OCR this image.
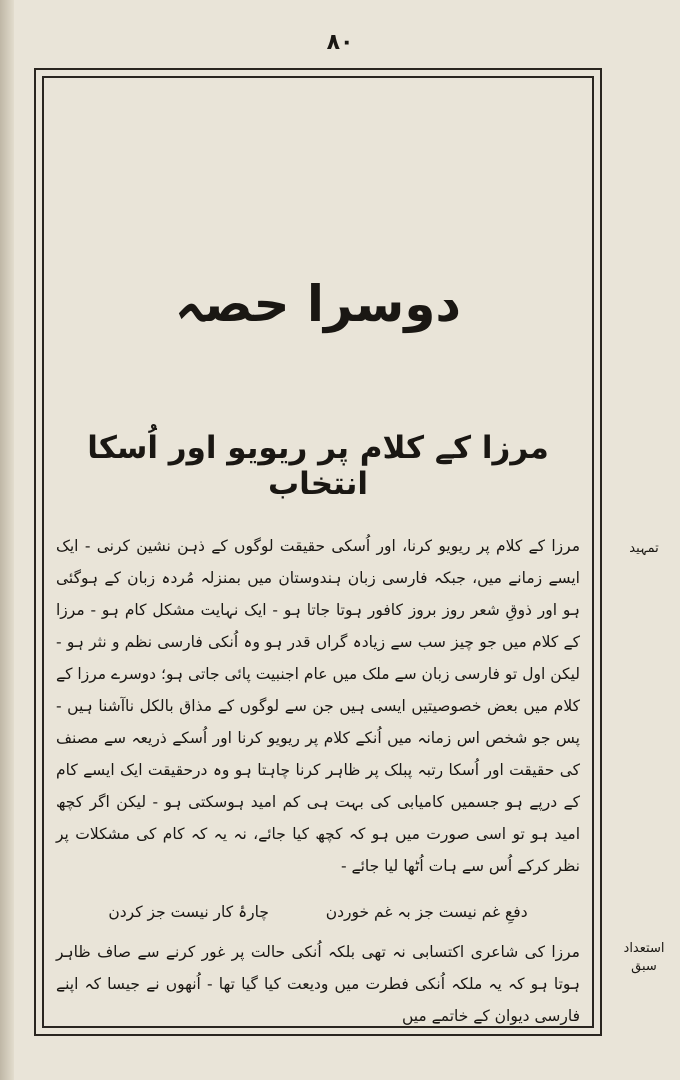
۸۰
دوسرا حصہ
مرزا کے کلام پر ریویو اور اُسکا انتخاب
تمہید
استعداد
سبق

مرزا کے کلام پر ریویو کرنا، اور اُسکی حقیقت لوگوں کے ذہن نشین کرنی - ایک ایسے زمانے میں، جبکہ فارسی زبان ہندوستان میں بمنزلہ مُردہ زبان کے ہوگئی ہو اور ذوقِ شعر روز بروز کافور ہوتا جاتا ہو - ایک نہایت مشکل کام ہو - مرزا کے کلام میں جو چیز سب سے زیادہ گراں قدر ہو وہ اُنکی فارسی نظم و نثر ہو - لیکن اول تو فارسی زبان سے ملک میں عام اجنبیت پائی جاتی ہو؛ دوسرے مرزا کے کلام میں بعض خصوصیتیں ایسی ہیں جن سے لوگوں کے مذاق بالکل ناآشنا ہیں - پس جو شخص اس زمانہ میں اُنکے کلام پر ریویو کرنا اور اُسکے ذریعہ سے مصنف کی حقیقت اور اُسکا رتبہ پبلک پر ظاہر کرنا چاہتا ہو وہ درحقیقت ایک ایسے کام کے درپے ہو جسمیں کامیابی کی بہت ہی کم امید ہوسکتی ہو - لیکن اگر کچھ امید ہو تو اسی صورت میں ہو کہ کچھ کیا جائے، نہ یہ کہ کام کی مشکلات پر نظر کرکے اُس سے ہات اُٹھا لیا جائے -

دفعِ غم نیست جز بہ غم خوردن
چارۂ کار نیست جز کردن

مرزا کی شاعری اکتسابی نہ تھی بلکہ اُنکی حالت پر غور کرنے سے صاف ظاہر ہوتا ہو کہ یہ ملکہ اُنکی فطرت میں ودیعت کیا گیا تھا - اُنھوں نے جیسا کہ اپنے فارسی دیوان کے خاتمے میں
